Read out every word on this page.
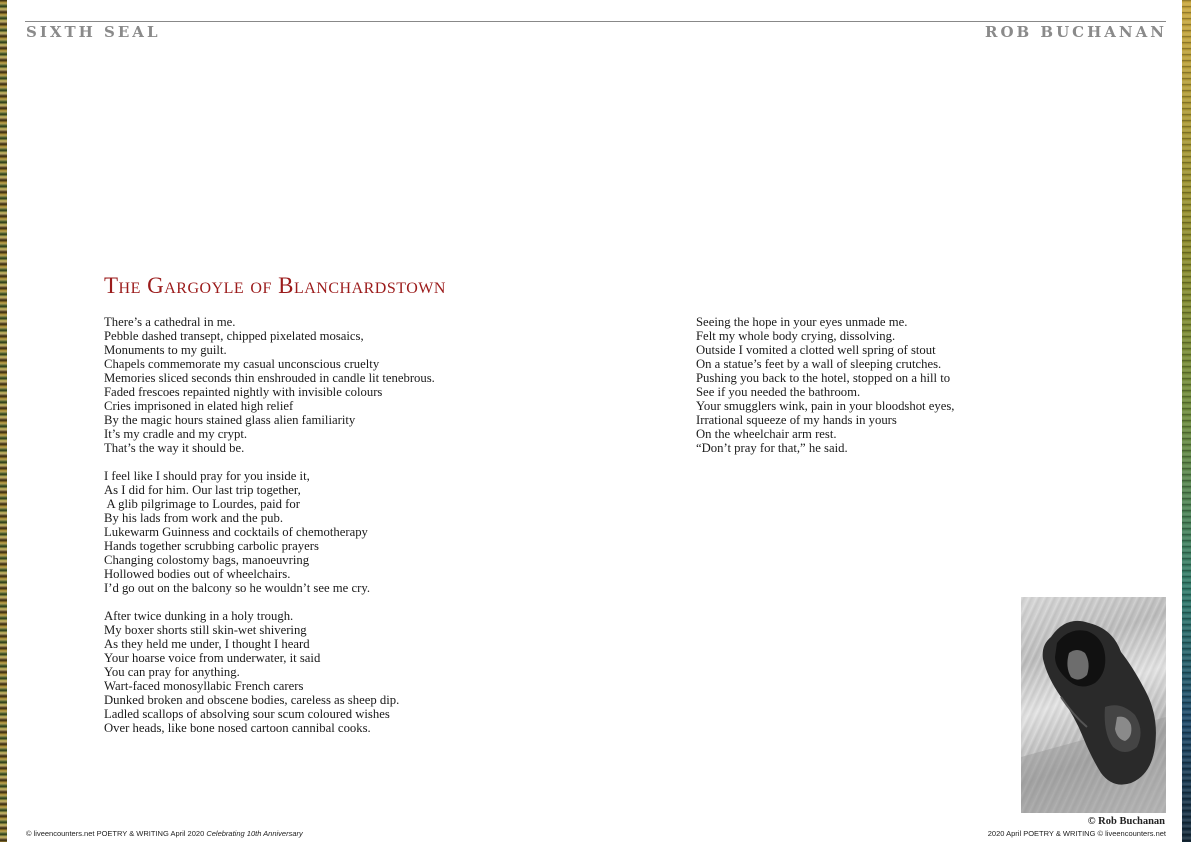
SIXTH SEAL	ROB BUCHANAN
The Gargoyle of Blanchardstown
There’s a cathedral in me.
Pebble dashed transept, chipped pixelated mosaics,
Monuments to my guilt.
Chapels commemorate my casual unconscious cruelty
Memories sliced seconds thin enshrouded in candle lit tenebrous.
Faded frescoes repainted nightly with invisible colours
Cries imprisoned in elated high relief
By the magic hours stained glass alien familiarity
It’s my cradle and my crypt.
That’s the way it should be.
I feel like I should pray for you inside it,
As I did for him. Our last trip together,
A glib pilgrimage to Lourdes, paid for
By his lads from work and the pub.
Lukewarm Guinness and cocktails of chemotherapy
Hands together scrubbing carbolic prayers
Changing colostomy bags, manoeuvring
Hollowed bodies out of wheelchairs.
I’d go out on the balcony so he wouldn’t see me cry.
After twice dunking in a holy trough.
My boxer shorts still skin-wet shivering
As they held me under, I thought I heard
Your hoarse voice from underwater, it said
You can pray for anything.
Wart-faced monosyllabic French carers
Dunked broken and obscene bodies, careless as sheep dip.
Ladled scallops of absolving sour scum coloured wishes
Over heads, like bone nosed cartoon cannibal cooks.
Seeing the hope in your eyes unmade me.
Felt my whole body crying, dissolving.
Outside I vomited a clotted well spring of stout
On a statue’s feet by a wall of sleeping crutches.
Pushing you back to the hotel, stopped on a hill to
See if you needed the bathroom.
Your smugglers wink, pain in your bloodshot eyes,
Irrational squeeze of my hands in yours
On the wheelchair arm rest.
“Don’t pray for that,” he said.
© Rob Buchanan
© liveencounters.net POETRY & WRITING April 2020 Celebrating 10th Anniversary	2020 April POETRY & WRITING © liveencounters.net
